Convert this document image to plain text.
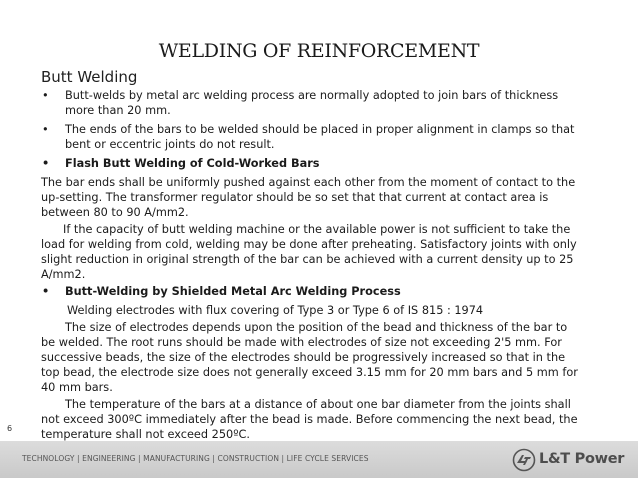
WELDING OF REINFORCEMENT
Butt Welding
• Butt-welds by metal arc welding process are normally adopted to join bars of thickness more than 20 mm.
• The ends of the bars to be welded should be placed in proper alignment in clamps so that bent or eccentric joints do not result.
• Flash Butt Welding of Cold-Worked Bars

The bar ends shall be uniformly pushed against each other from the moment of contact to the up-setting. The transformer regulator should be so set that that current at contact area is between 80 to 90 A/mm2.

If the capacity of butt welding machine or the available power is not sufficient to take the load for welding from cold, welding may be done after preheating. Satisfactory joints with only slight reduction in original strength of the bar can be achieved with a current density up to 25 A/mm2.

• Butt-Welding by Shielded Metal Arc Welding Process
Welding electrodes with flux covering of Type 3 or Type 6 of IS 815 : 1974

The size of electrodes depends upon the position of the bead and thickness of the bar to be welded. The root runs should be made with electrodes of size not exceeding 2'5 mm. For successive beads, the size of the electrodes should be progressively increased so that in the top bead, the electrode size does not generally exceed 3.15 mm for 20 mm bars and 5 mm for 40 mm bars.

The temperature of the bars at a distance of about one bar diameter from the joints shall not exceed 300ºC immediately after the bead is made. Before commencing the next bead, the temperature shall not exceed 250ºC.

6
TECHNOLOGY | ENGINEERING | MANUFACTURING | CONSTRUCTION | LIFE CYCLE SERVICES	L&T Power
